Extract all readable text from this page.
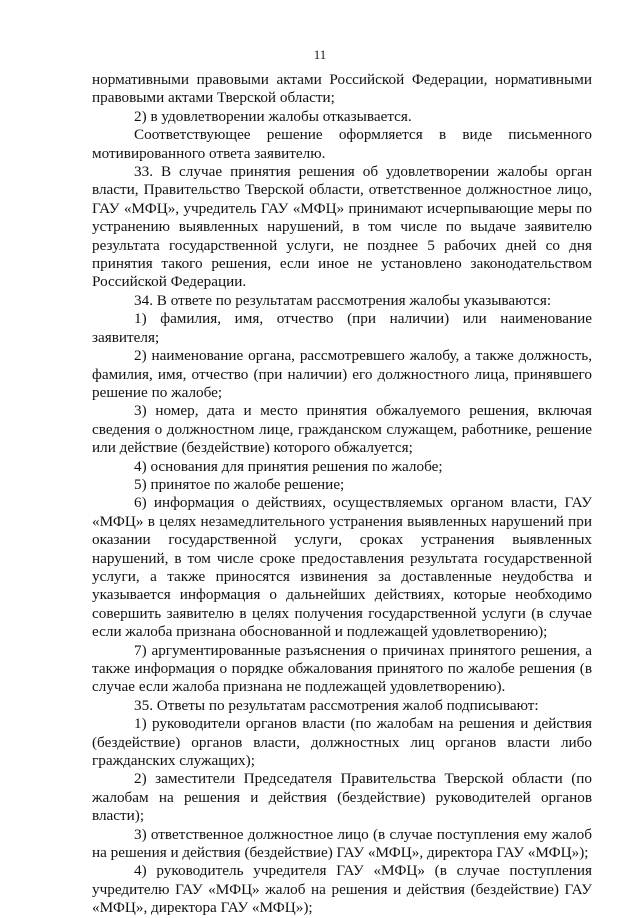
11

нормативными правовыми актами Российской Федерации, нормативными правовыми актами Тверской области;

2) в удовлетворении жалобы отказывается.

Соответствующее решение оформляется в виде письменного мотивированного ответа заявителю.

33. В случае принятия решения об удовлетворении жалобы орган власти, Правительство Тверской области, ответственное должностное лицо, ГАУ «МФЦ», учредитель ГАУ «МФЦ» принимают исчерпывающие меры по устранению выявленных нарушений, в том числе по выдаче заявителю результата государственной услуги, не позднее 5 рабочих дней со дня принятия такого решения, если иное не установлено законодательством Российской Федерации.

34. В ответе по результатам рассмотрения жалобы указываются:

1) фамилия, имя, отчество (при наличии) или наименование заявителя;

2) наименование органа, рассмотревшего жалобу, а также должность, фамилия, имя, отчество (при наличии) его должностного лица, принявшего решение по жалобе;

3) номер, дата и место принятия обжалуемого решения, включая сведения о должностном лице, гражданском служащем, работнике, решение или действие (бездействие) которого обжалуется;

4) основания для принятия решения по жалобе;

5) принятое по жалобе решение;

6) информация о действиях, осуществляемых органом власти, ГАУ «МФЦ» в целях незамедлительного устранения выявленных нарушений при оказании государственной услуги, сроках устранения выявленных нарушений, в том числе сроке предоставления результата государственной услуги, а также приносятся извинения за доставленные неудобства и указывается информация о дальнейших действиях, которые необходимо совершить заявителю в целях получения государственной услуги (в случае если жалоба признана обоснованной и подлежащей удовлетворению);

7) аргументированные разъяснения о причинах принятого решения, а также информация о порядке обжалования принятого по жалобе решения (в случае если жалоба признана не подлежащей удовлетворению).

35. Ответы по результатам рассмотрения жалоб подписывают:

1) руководители органов власти (по жалобам на решения и действия (бездействие) органов власти, должностных лиц органов власти либо гражданских служащих);

2) заместители Председателя Правительства Тверской области (по жалобам на решения и действия (бездействие) руководителей органов власти);

3) ответственное должностное лицо (в случае поступления ему жалоб на решения и действия (бездействие) ГАУ «МФЦ», директора ГАУ «МФЦ»);

4) руководитель учредителя ГАУ «МФЦ» (в случае поступления учредителю ГАУ «МФЦ» жалоб на решения и действия (бездействие) ГАУ «МФЦ», директора ГАУ «МФЦ»);
